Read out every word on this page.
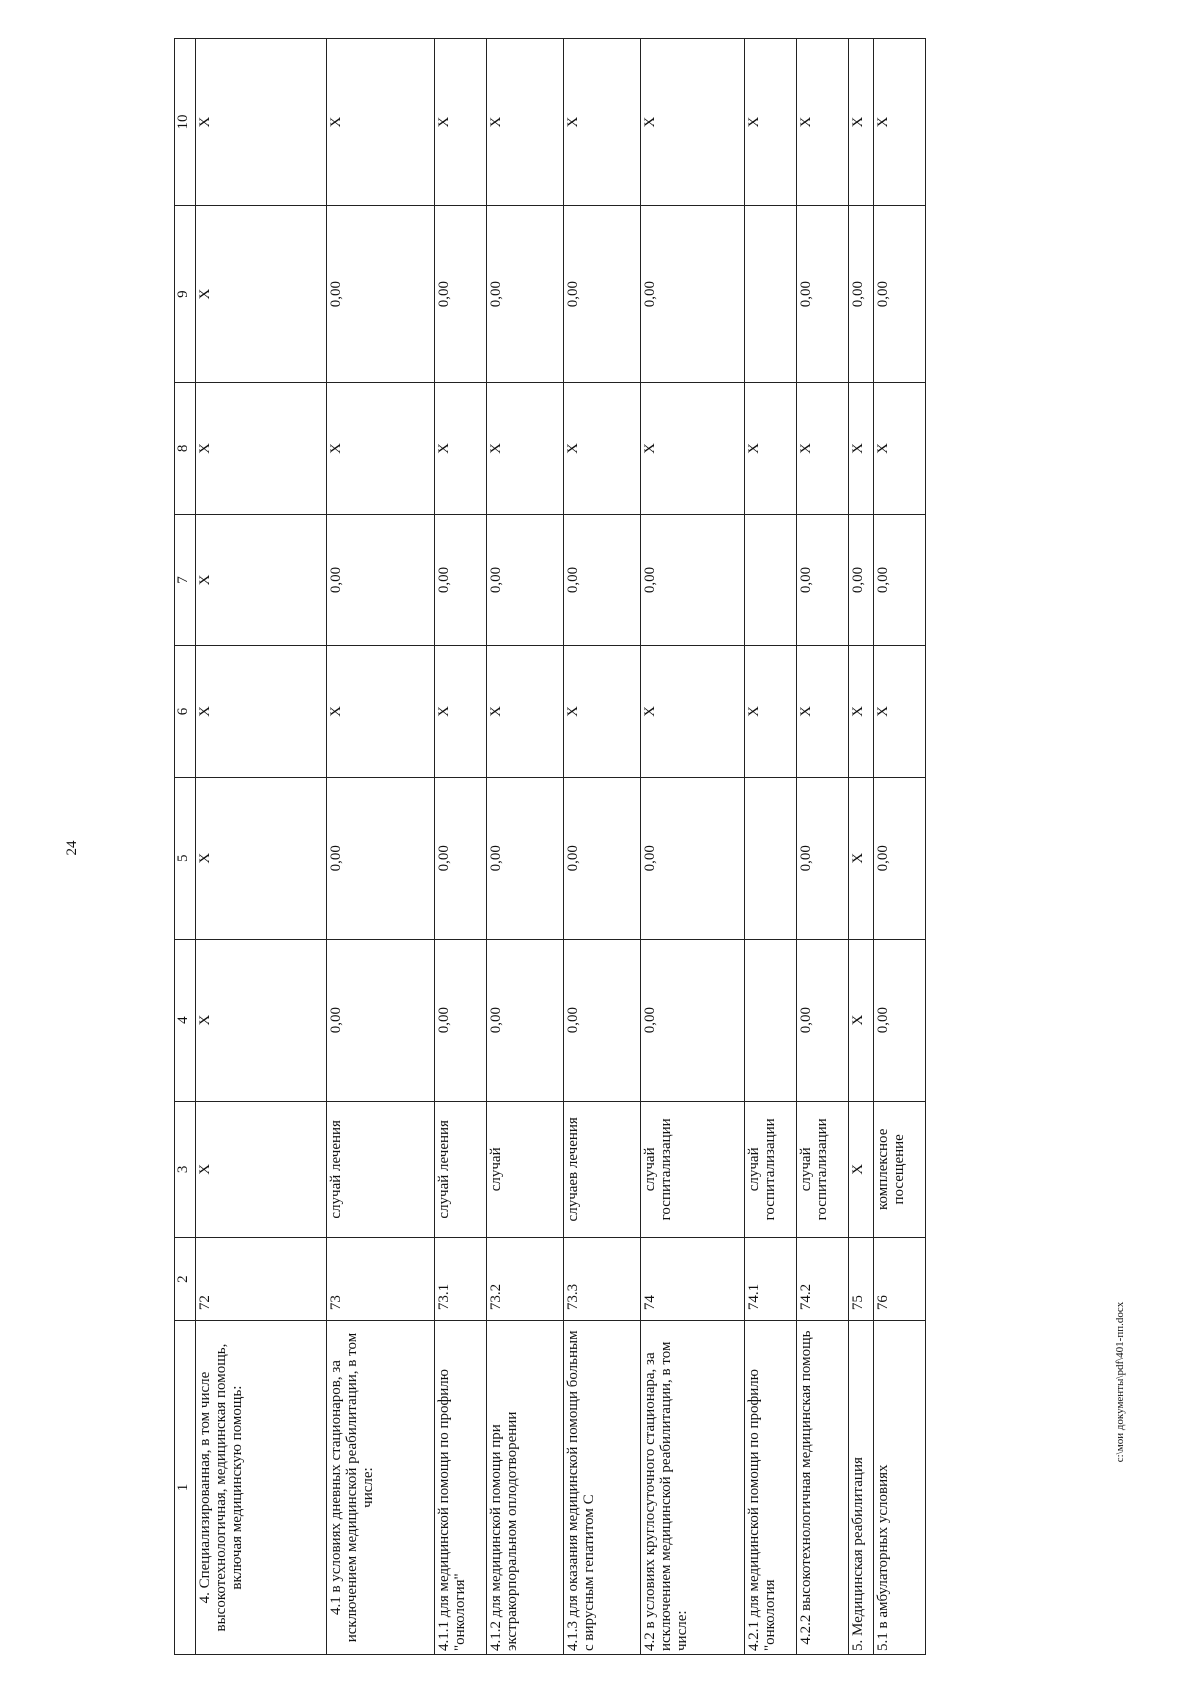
24
1	2	3	4	5	6	7	8	9	10
4. Специализированная, в том числе высокотехнологичная, медицинская помощь, включая медицинскую помощь:	72	X	X	X	X	X	X	X	X
4.1 в условиях дневных стационаров, за исключением медицинской реабилитации, в том числе:	73	случай лечения	0,00	0,00	X	0,00	X	0,00	X
4.1.1 для медицинской помощи по профилю "онкология"	73.1	случай лечения	0,00	0,00	X	0,00	X	0,00	X
4.1.2 для медицинской помощи при экстракорпоральном оплодотворении	73.2	случай	0,00	0,00	X	0,00	X	0,00	X
4.1.3 для оказания медицинской помощи больным с вирусным гепатитом С	73.3	случаев лечения	0,00	0,00	X	0,00	X	0,00	X
4.2 в условиях круглосуточного стационара, за исключением медицинской реабилитации, в том числе:	74	случай госпитализации	0,00	0,00	X	0,00	X	0,00	X
4.2.1 для медицинской помощи по профилю "онкология	74.1	случай госпитализации			X		X		X
4.2.2 высокотехнологичная медицинская помощь	74.2	случай госпитализации	0,00	0,00	X	0,00	X	0,00	X
5. Медицинская реабилитация	75	X	X	X	X	0,00	X	0,00	X
5.1 в амбулаторных условиях	76	комплексное посещение	0,00	0,00	X	0,00	X	0,00	X
c:\мои документы\pdf\401-пп.docx
